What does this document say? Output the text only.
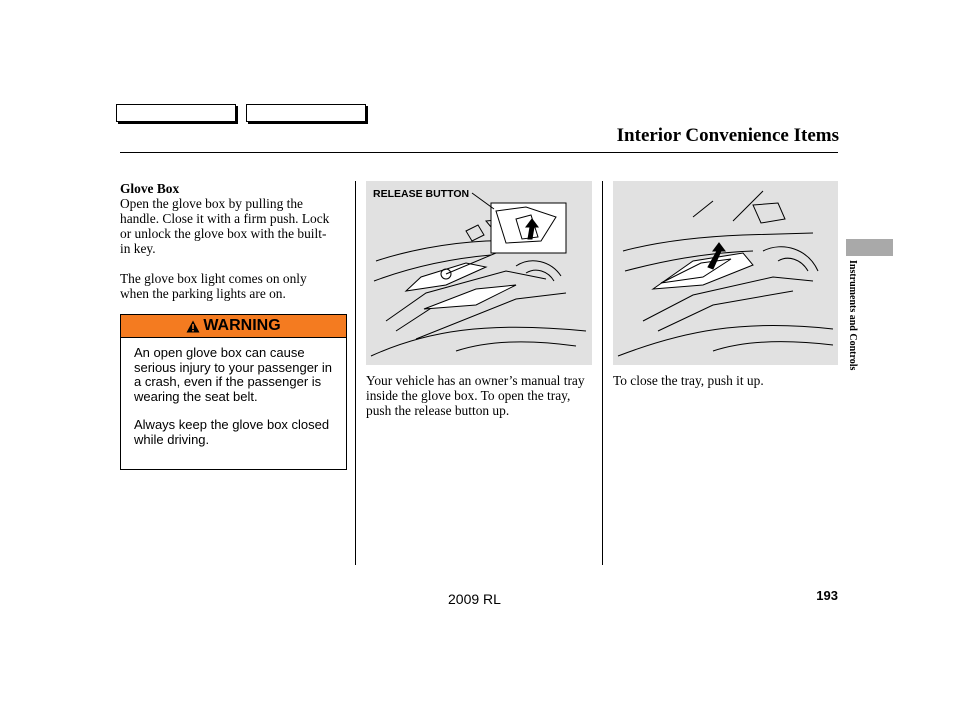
Interior Convenience Items

Glove Box

Open the glove box by pulling the handle. Close it with a firm push. Lock or unlock the glove box with the built-in key.

The glove box light comes on only when the parking lights are on.

WARNING

An open glove box can cause serious injury to your passenger in a crash, even if the passenger is wearing the seat belt.

Always keep the glove box closed while driving.

RELEASE BUTTON

Your vehicle has an owner’s manual tray inside the glove box. To open the tray, push the release button up.

To close the tray, push it up.

Instruments and Controls
2009 RL	193
